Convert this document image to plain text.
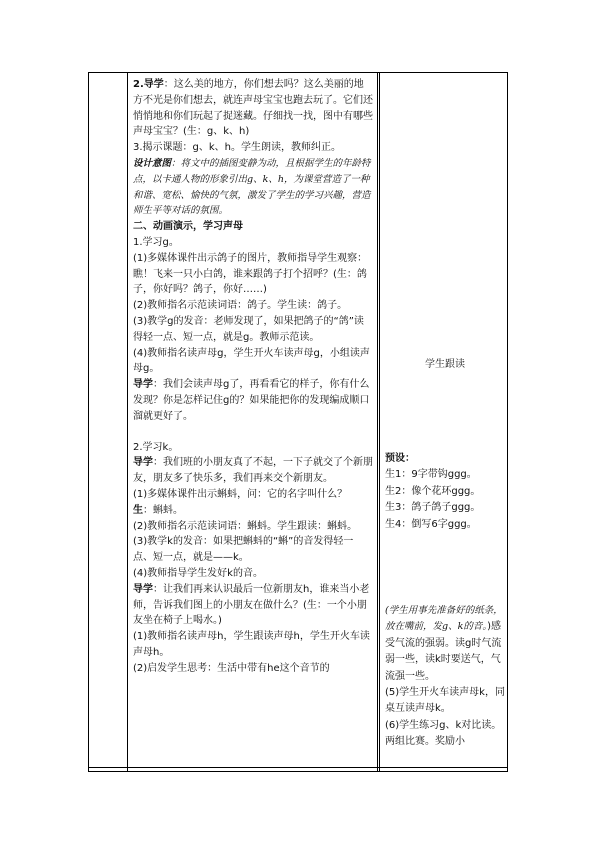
2.导学：这么美的地方，你们想去吗？这么美丽的地方不光是你们想去，就连声母宝宝也跑去玩了。它们还悄悄地和你们玩起了捉迷藏。仔细找一找，图中有哪些声母宝宝？(生：g、k、h)

3.揭示课题：g、k、h。学生朗读，教师纠正。

设计意图：将文中的插图变静为动，且根据学生的年龄特点，以卡通人物的形象引出g、k、h，为课堂营造了一种和谐、宽松、愉快的气氛，激发了学生的学习兴趣，营造师生平等对话的氛围。

二、动画演示，学习声母

1.学习g。

(1)多媒体课件出示鸽子的图片，教师指导学生观察：瞧！飞来一只小白鸽，谁来跟鸽子打个招呼？(生：鸽子，你好吗？鸽子，你好……)

(2)教师指名示范读词语：鸽子。学生读：鸽子。

(3)教学g的发音：老师发现了，如果把鸽子的“鸽”读得轻一点、短一点，就是g。教师示范读。

(4)教师指名读声母g，学生开火车读声母g，小组读声母g。

导学：我们会读声母g了，再看看它的样子，你有什么发现？你是怎样记住g的？如果能把你的发现编成顺口溜就更好了。

2.学习k。

导学：我们班的小朋友真了不起，一下子就交了个新朋友，朋友多了快乐多，我们再来交个新朋友。

(1)多媒体课件出示蝌蚪，问：它的名字叫什么？

生：蝌蚪。

(2)教师指名示范读词语：蝌蚪。学生跟读：蝌蚪。

(3)教学k的发音：如果把蝌蚪的“蝌”的音发得轻一点、短一点，就是——k。

(4)教师指导学生发好k的音。

导学：让我们再来认识最后一位新朋友h，谁来当小老师，告诉我们图上的小朋友在做什么？(生：一个小朋友坐在椅子上喝水。)

(1)教师指名读声母h，学生跟读声母h，学生开火车读声母h。

(2)启发学生思考：生活中带有he这个音节的

学生跟读

预设：

生1：9字带钩ggg。

生2：像个花环ggg。

生3：鸽子鸽子ggg。

生4：倒写6字ggg。

(学生用事先准备好的纸条，放在嘴前，发g、k的音。)感受气流的强弱。读g时气流弱一些，读k时要送气，气流强一些。

(5)学生开火车读声母k，同桌互读声母k。

(6)学生练习g、k对比读。两组比赛。奖励小
